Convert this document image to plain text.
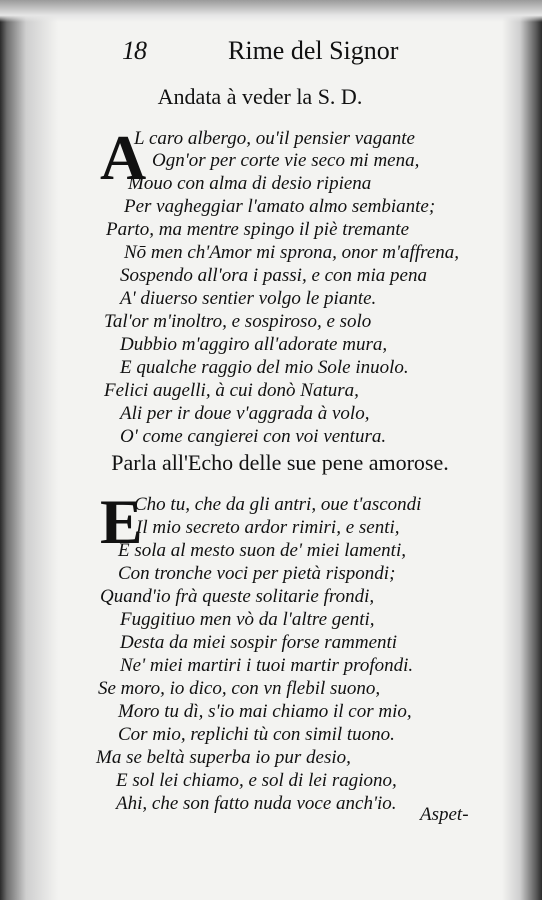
18	Rime del Signor
Andata à veder la S. D.
A
L caro albergo, ou'il pensier vagante
Ogn'or per corte vie seco mi mena,
Mouo con alma di desio ripiena
Per vagheggiar l'amato almo sembiante;
Parto, ma mentre spingo il piè tremante
Nō men ch'Amor mi sprona, onor m'affrena,
Sospendo all'ora i passi, e con mia pena
A' diuerso sentier volgo le piante.
Tal'or m'inoltro, e sospiroso, e solo
Dubbio m'aggiro all'adorate mura,
E qualche raggio del mio Sole inuolo.
Felici augelli, à cui donò Natura,
Ali per ir doue v'aggrada à volo,
O' come cangierei con voi ventura.
Parla all'Echo delle sue pene amorose.
E
Cho tu, che da gli antri, oue t'ascondi
Il mio secreto ardor rimiri, e senti,
E sola al mesto suon de' miei lamenti,
Con tronche voci per pietà rispondi;
Quand'io frà queste solitarie frondi,
Fuggitiuo men vò da l'altre genti,
Desta da miei sospir forse rammenti
Ne' miei martiri i tuoi martir profondi.
Se moro, io dico, con vn flebil suono,
Moro tu dì, s'io mai chiamo il cor mio,
Cor mio, replichi tù con simil tuono.
Ma se beltà superba io pur desio,
E sol lei chiamo, e sol di lei ragiono,
Ahi, che son fatto nuda voce anch'io.
Aspet-
